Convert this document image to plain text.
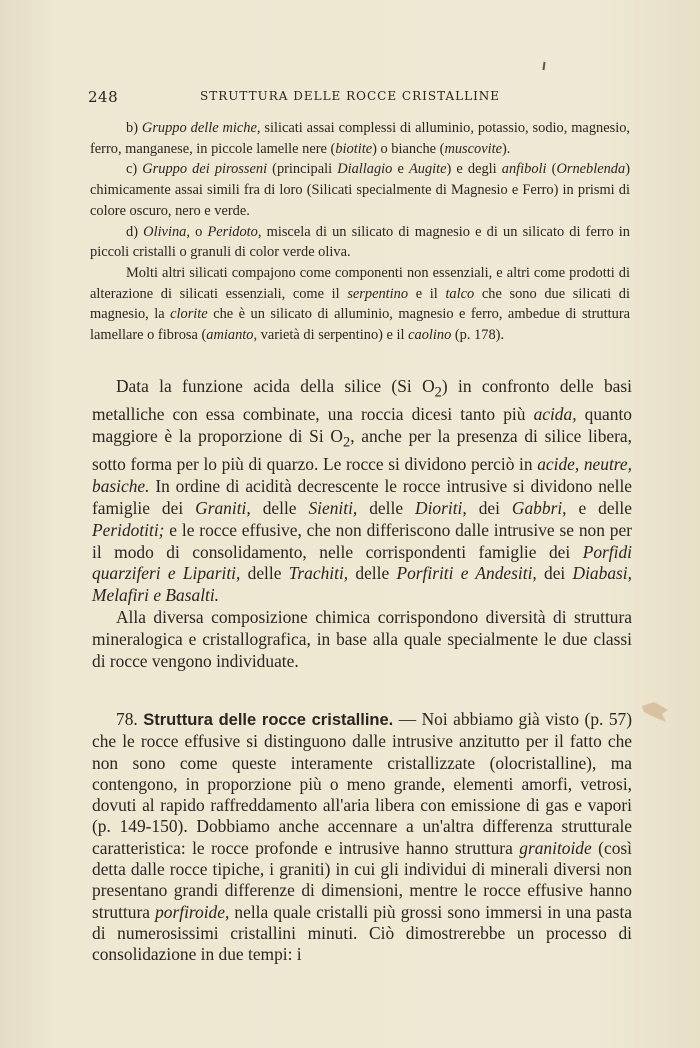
248	STRUTTURA DELLE ROCCE CRISTALLINE

b) Gruppo delle miche, silicati assai complessi di alluminio, potassio, sodio, magnesio, ferro, manganese, in piccole lamelle nere (biotite) o bianche (muscovite).

c) Gruppo dei pirosseni (principali Diallagio e Augite) e degli anfiboli (Orneblenda) chimicamente assai simili fra di loro (Silicati specialmente di Magnesio e Ferro) in prismi di colore oscuro, nero e verde.

d) Olivina, o Peridoto, miscela di un silicato di magnesio e di un silicato di ferro in piccoli cristalli o granuli di color verde oliva.

Molti altri silicati compajono come componenti non essenziali, e altri come prodotti di alterazione di silicati essenziali, come il serpentino e il talco che sono due silicati di magnesio, la clorite che è un silicato di alluminio, magnesio e ferro, ambedue di struttura lamellare o fibrosa (amianto, varietà di serpentino) e il caolino (p. 178).

Data la funzione acida della silice (Si $O_2$) in confronto delle basi metalliche con essa combinate, una roccia dicesi tanto più acida, quanto maggiore è la proporzione di Si $O_2$, anche per la presenza di silice libera, sotto forma per lo più di quarzo. Le rocce si dividono perciò in acide, neutre, basiche. In ordine di acidità decrescente le rocce intrusive si dividono nelle famiglie dei Graniti, delle Sieniti, delle Dioriti, dei Gabbri, e delle Peridotiti; e le rocce effusive, che non differiscono dalle intrusive se non per il modo di consolidamento, nelle corrispondenti famiglie dei Porfidi quarziferi e Lipariti, delle Trachiti, delle Porfiriti e Andesiti, dei Diabasi, Melafiri e Basalti.

Alla diversa composizione chimica corrispondono diversità di struttura mineralogica e cristallografica, in base alla quale specialmente le due classi di rocce vengono individuate.

78. Struttura delle rocce cristalline. — Noi abbiamo già visto (p. 57) che le rocce effusive si distinguono dalle intrusive anzitutto per il fatto che non sono come queste interamente cristallizzate (olocristalline), ma contengono, in proporzione più o meno grande, elementi amorfi, vetrosi, dovuti al rapido raffreddamento all'aria libera con emissione di gas e vapori (p. 149-150). Dobbiamo anche accennare a un'altra differenza strutturale caratteristica: le rocce profonde e intrusive hanno struttura granitoide (così detta dalle rocce tipiche, i graniti) in cui gli individui di minerali diversi non presentano grandi differenze di dimensioni, mentre le rocce effusive hanno struttura porfiroide, nella quale cristalli più grossi sono immersi in una pasta di numerosissimi cristallini minuti. Ciò dimostrerebbe un processo di consolidazione in due tempi: i
